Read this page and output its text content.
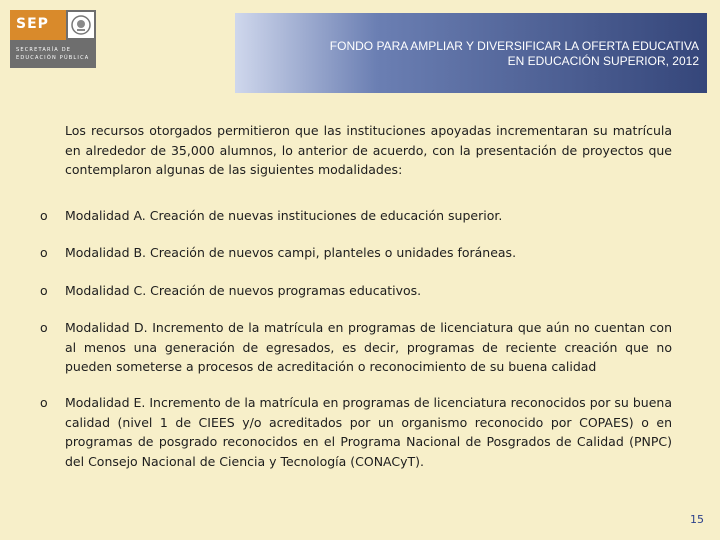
SEP
SECRETARÍA DE
EDUCACIÓN PÚBLICA
FONDO PARA AMPLIAR Y DIVERSIFICAR LA OFERTA EDUCATIVA
EN EDUCACIÓN SUPERIOR, 2012
Los recursos otorgados permitieron que las instituciones apoyadas incrementaran su matrícula en alrededor de 35,000 alumnos, lo anterior de acuerdo, con la presentación de proyectos que contemplaron algunas de las siguientes modalidades:
o Modalidad A. Creación de nuevas instituciones de educación superior.
o Modalidad B. Creación de nuevos campi, planteles o unidades foráneas.
o Modalidad C. Creación de nuevos programas educativos.
o Modalidad D. Incremento de la matrícula en programas de licenciatura que aún no cuentan con al menos una generación de egresados, es decir, programas de reciente creación que no pueden someterse a procesos de acreditación o reconocimiento de su buena calidad
o Modalidad E. Incremento de la matrícula en programas de licenciatura reconocidos por su buena calidad (nivel 1 de CIEES y/o acreditados por un organismo reconocido por COPAES) o en programas de posgrado reconocidos en el Programa Nacional de Posgrados de Calidad (PNPC) del Consejo Nacional de Ciencia y Tecnología (CONACyT).
15
